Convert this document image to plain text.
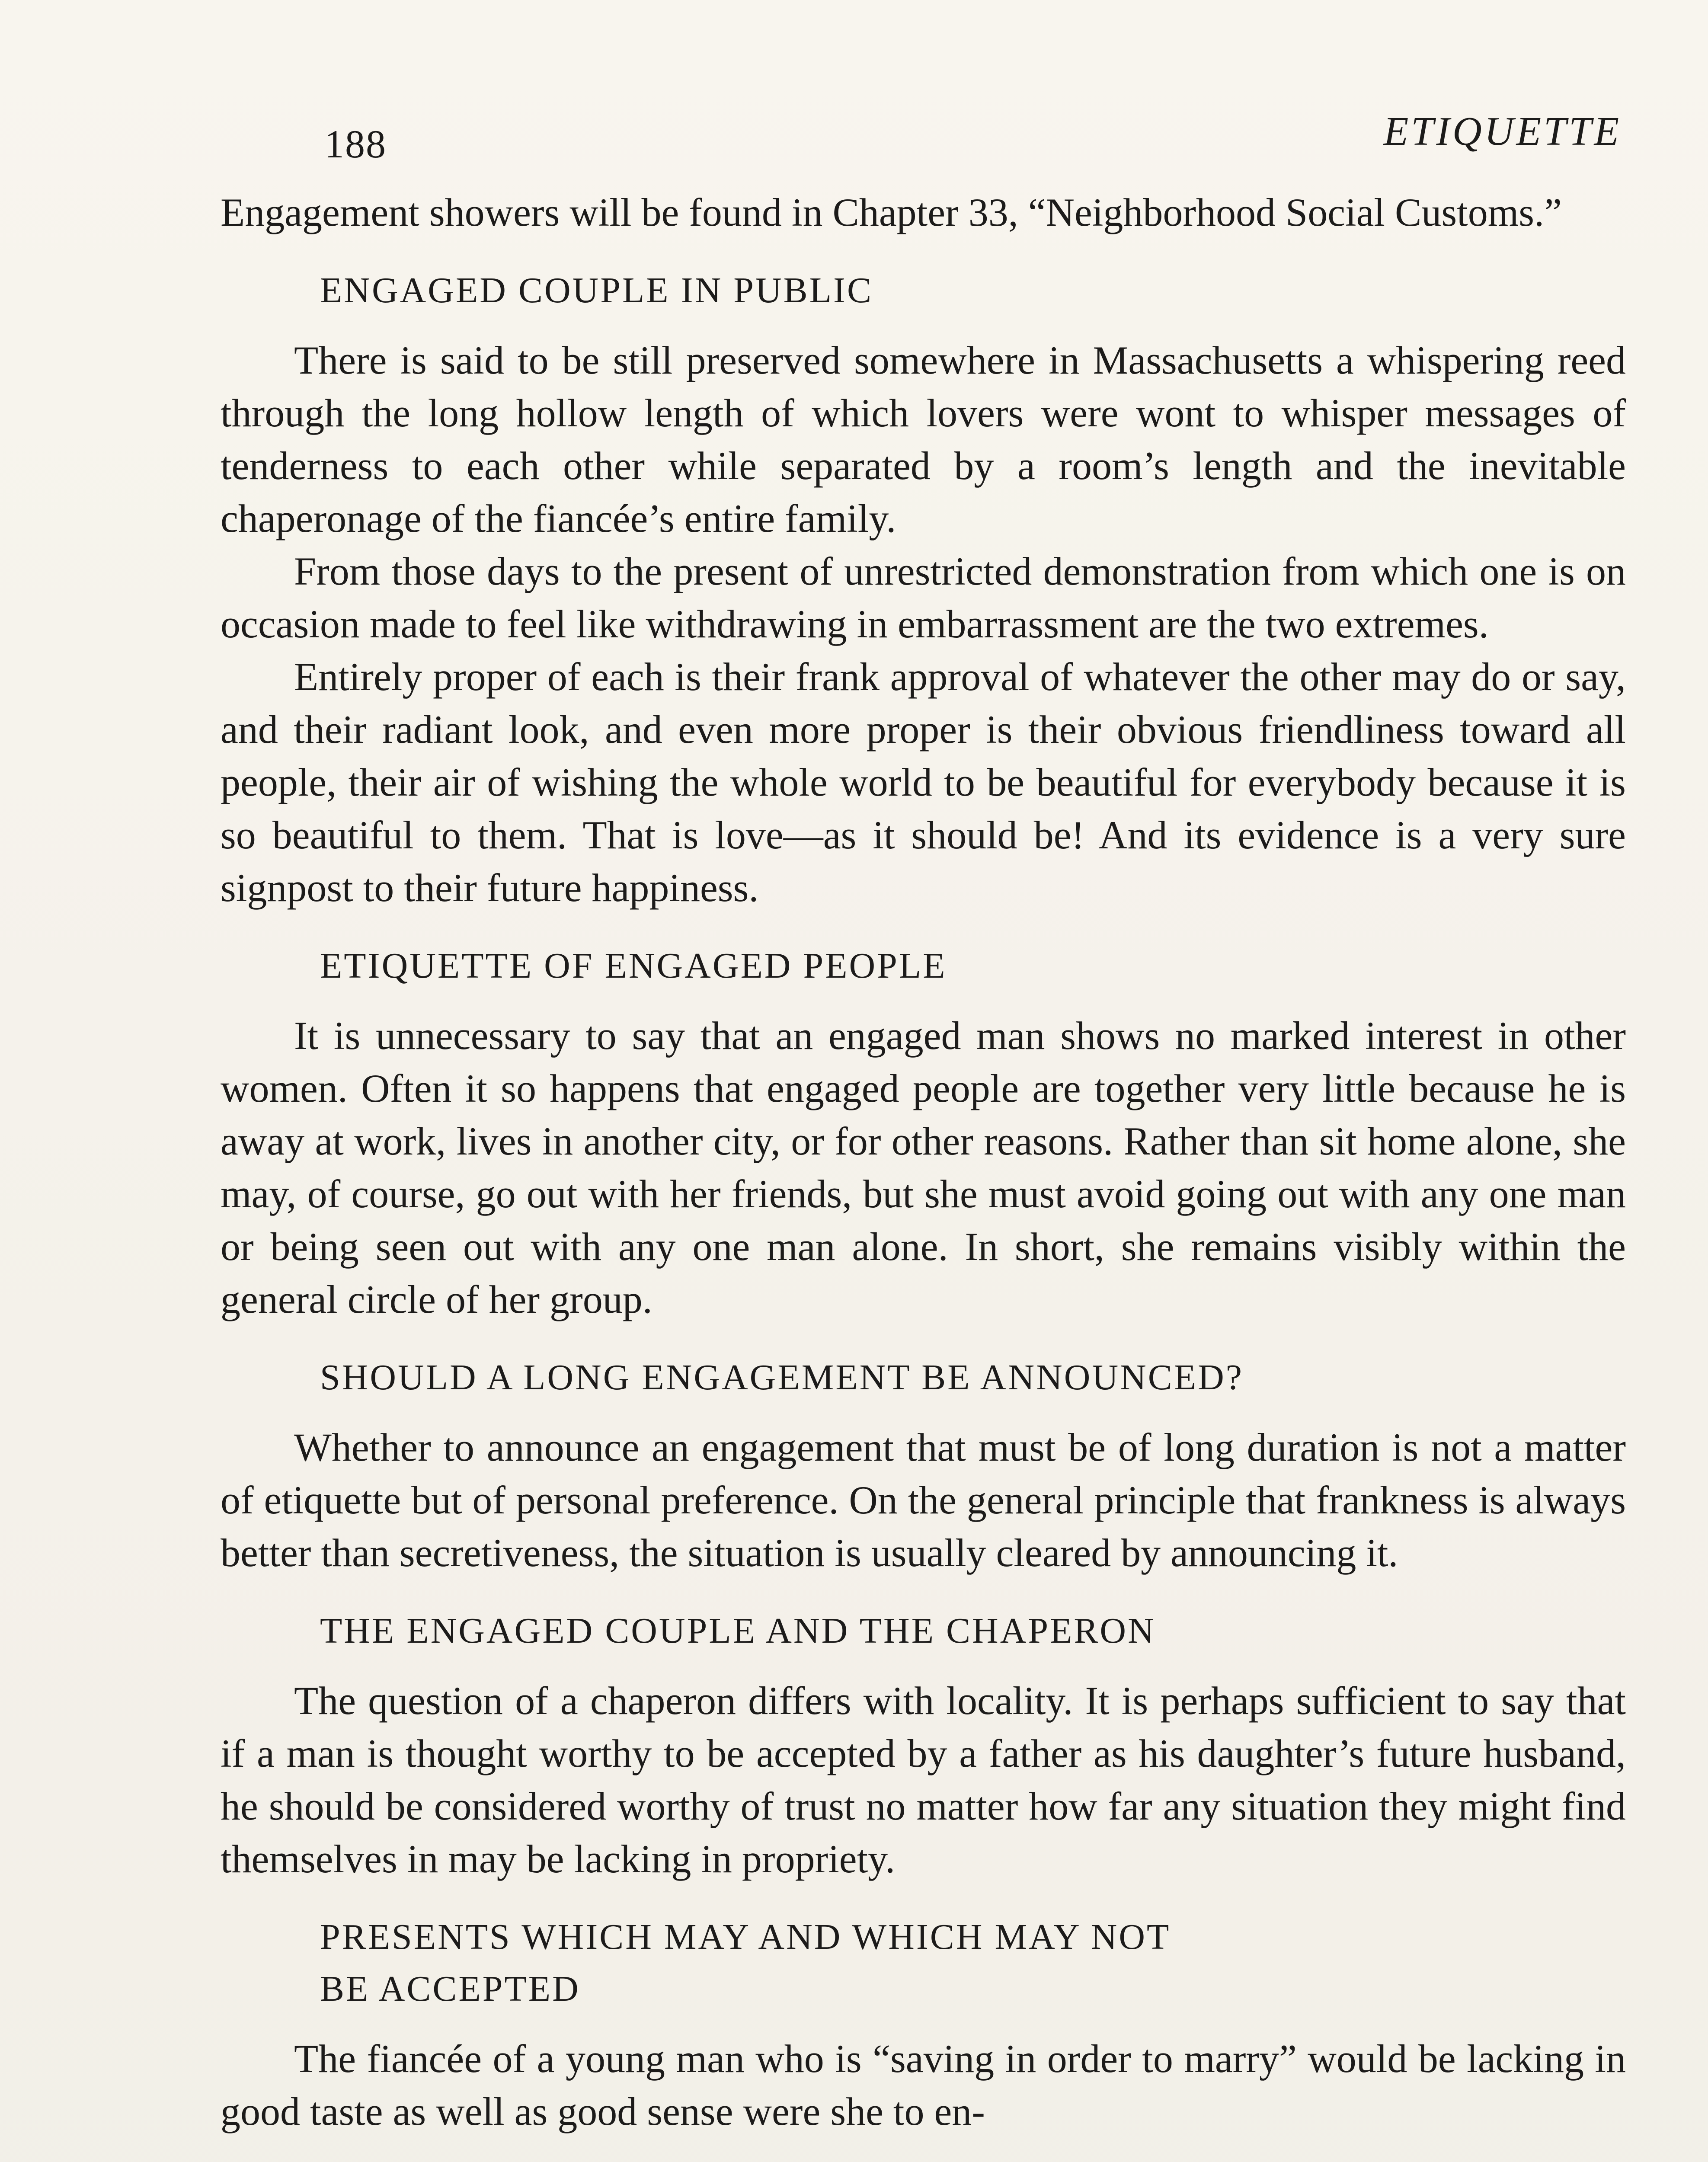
188	ETIQUETTE

Engagement showers will be found in Chapter 33, “Neighborhood Social Customs.”

ENGAGED COUPLE IN PUBLIC

There is said to be still preserved somewhere in Massachusetts a whispering reed through the long hollow length of which lovers were wont to whisper messages of tenderness to each other while separated by a room’s length and the inevitable chaperonage of the fiancée’s entire family.

From those days to the present of unrestricted demonstration from which one is on occasion made to feel like withdrawing in embarrassment are the two extremes.

Entirely proper of each is their frank approval of whatever the other may do or say, and their radiant look, and even more proper is their obvious friendliness toward all people, their air of wishing the whole world to be beautiful for everybody because it is so beautiful to them. That is love—as it should be! And its evidence is a very sure signpost to their future happiness.

ETIQUETTE OF ENGAGED PEOPLE

It is unnecessary to say that an engaged man shows no marked interest in other women. Often it so happens that engaged people are together very little because he is away at work, lives in another city, or for other reasons. Rather than sit home alone, she may, of course, go out with her friends, but she must avoid going out with any one man or being seen out with any one man alone. In short, she remains visibly within the general circle of her group.

SHOULD A LONG ENGAGEMENT BE ANNOUNCED?

Whether to announce an engagement that must be of long duration is not a matter of etiquette but of personal preference. On the general principle that frankness is always better than secretiveness, the situation is usually cleared by announcing it.

THE ENGAGED COUPLE AND THE CHAPERON

The question of a chaperon differs with locality. It is perhaps sufficient to say that if a man is thought worthy to be accepted by a father as his daughter’s future husband, he should be considered worthy of trust no matter how far any situation they might find themselves in may be lacking in propriety.

PRESENTS WHICH MAY AND WHICH MAY NOT
BE ACCEPTED

The fiancée of a young man who is “saving in order to marry” would be lacking in good taste as well as good sense were she to en-
